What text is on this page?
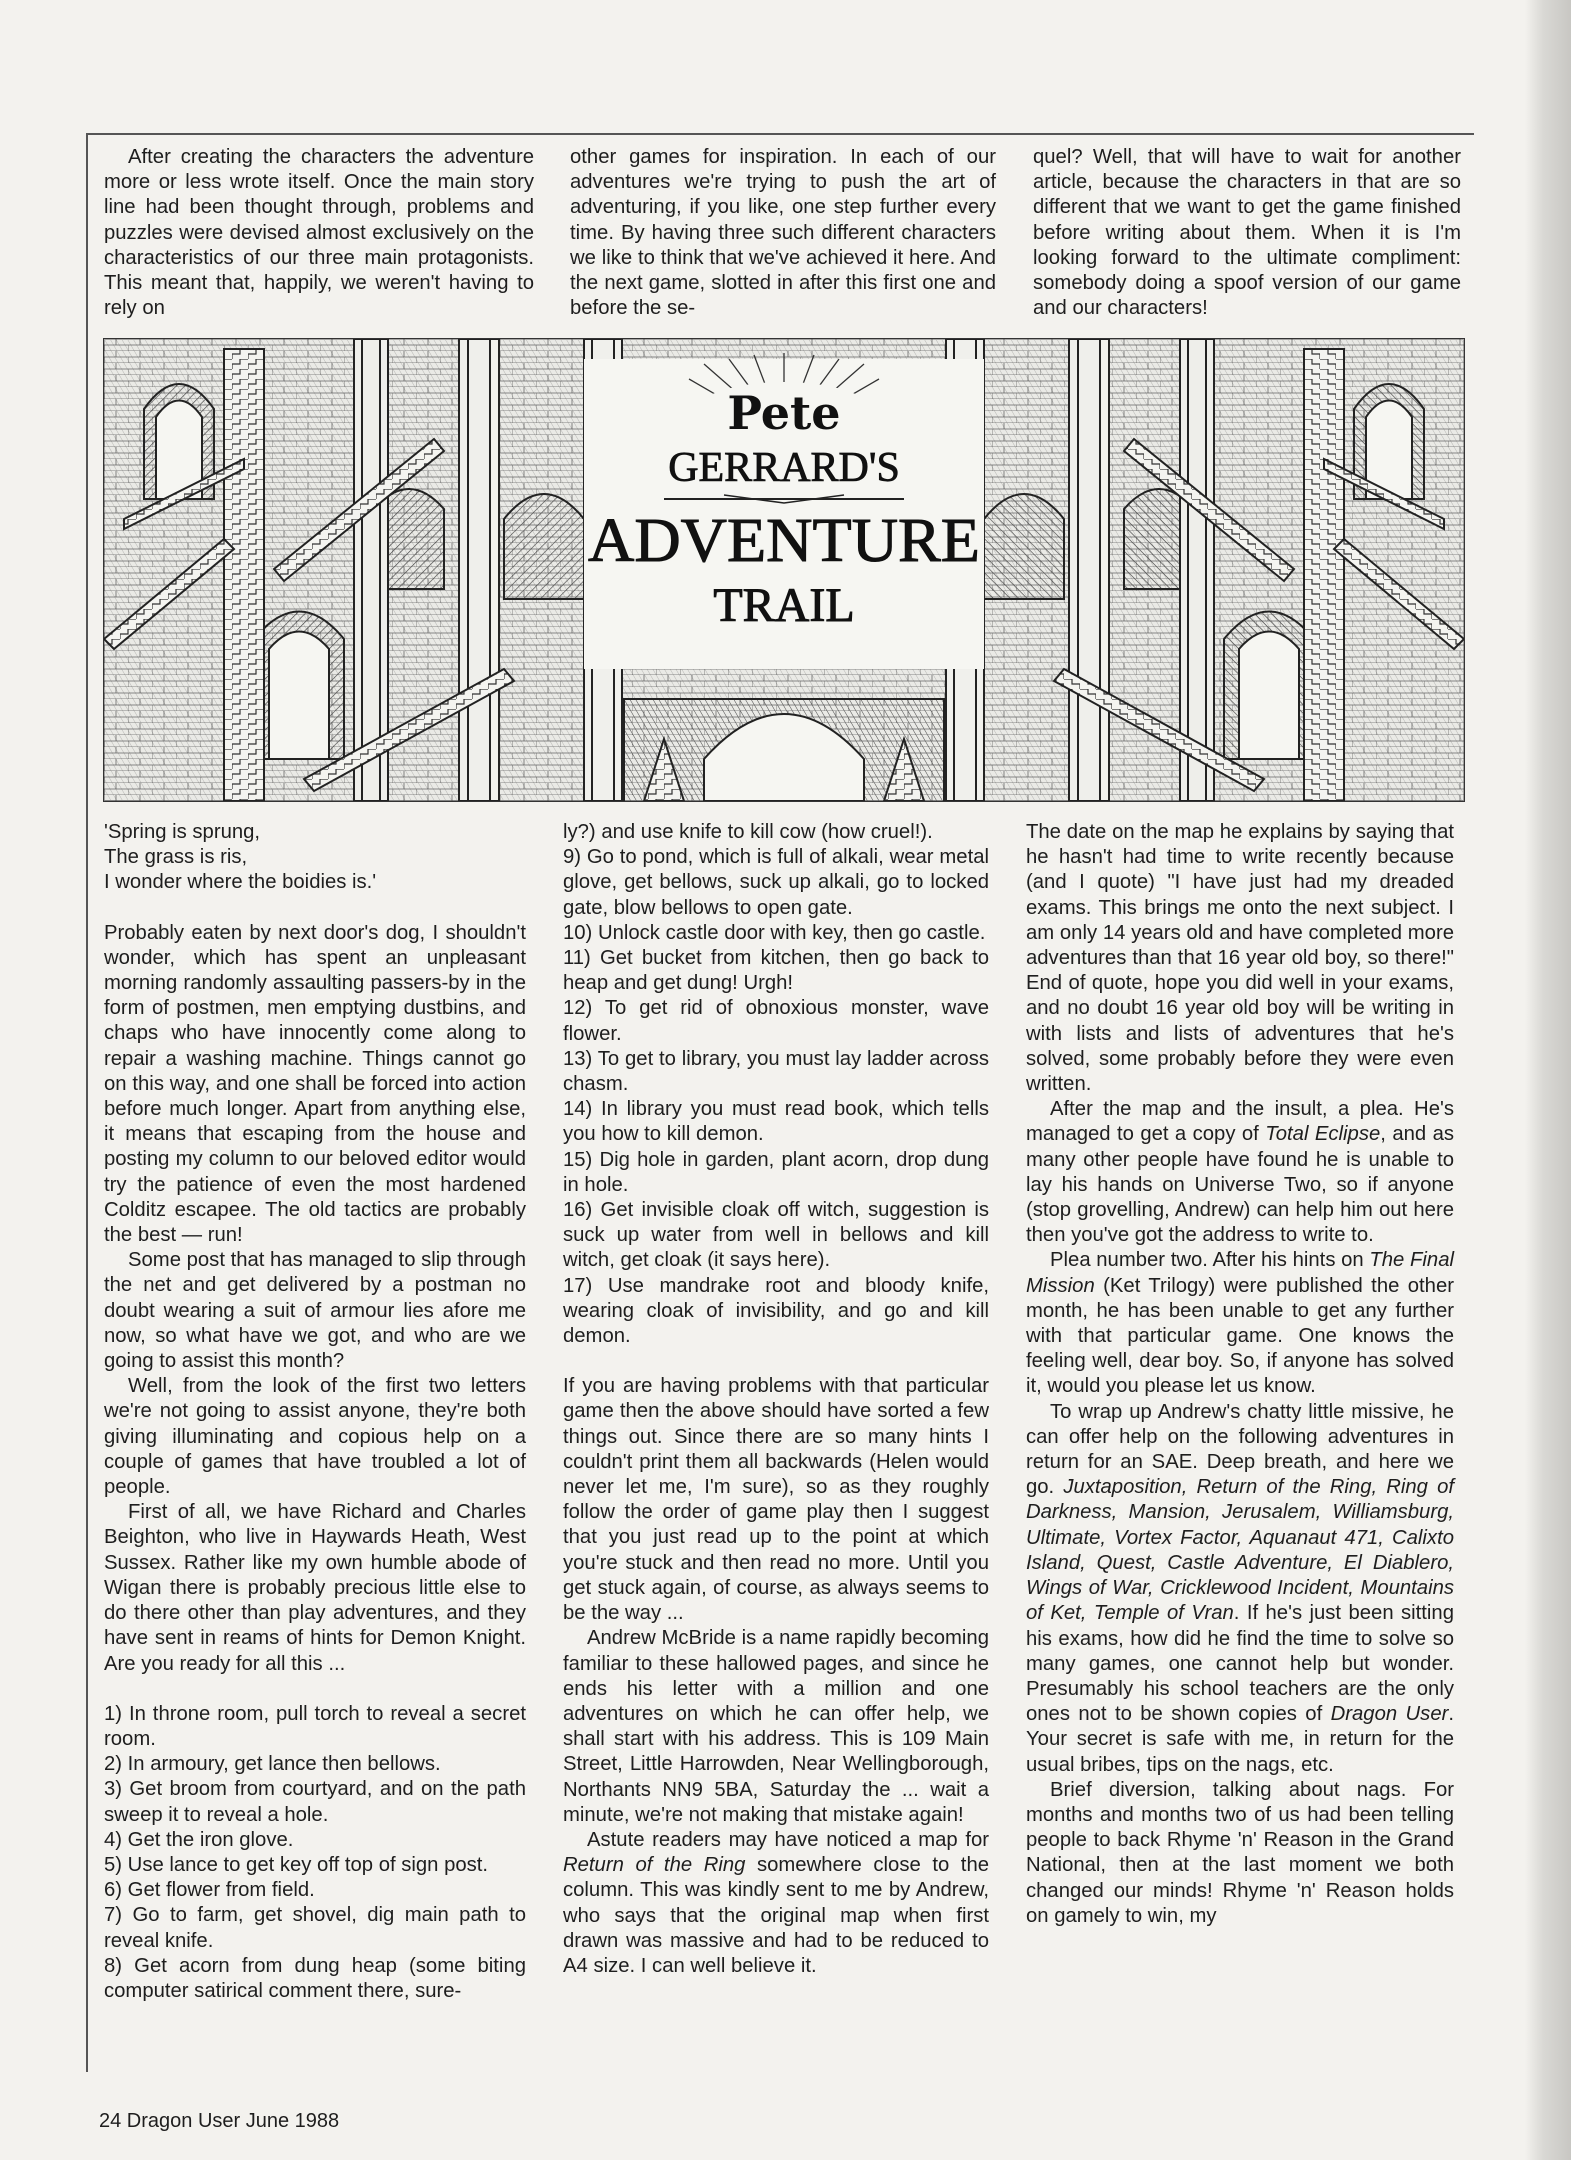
After creating the characters the adventure more or less wrote itself. Once the main story line had been thought through, problems and puzzles were devised almost exclusively on the characteristics of our three main protagonists. This meant that, happily, we weren't having to rely on

other games for inspiration. In each of our adventures we're trying to push the art of adventuring, if you like, one step further every time. By having three such different characters we like to think that we've achieved it here. And the next game, slotted in after this first one and before the se-

quel? Well, that will have to wait for another article, because the characters in that are so different that we want to get the game finished before writing about them. When it is I'm looking forward to the ultimate compliment: somebody doing a spoof version of our game and our characters!

Pete
GERRARD'S
ADVENTURE
TRAIL
'Spring is sprung,
The grass is ris,
I wonder where the boidies is.'

Probably eaten by next door's dog, I shouldn't wonder, which has spent an unpleasant morning randomly assaulting passers-by in the form of postmen, men emptying dustbins, and chaps who have innocently come along to repair a washing machine. Things cannot go on this way, and one shall be forced into action before much longer. Apart from anything else, it means that escaping from the house and posting my column to our beloved editor would try the patience of even the most hardened Colditz escapee. The old tactics are probably the best — run!

Some post that has managed to slip through the net and get delivered by a postman no doubt wearing a suit of armour lies afore me now, so what have we got, and who are we going to assist this month?

Well, from the look of the first two letters we're not going to assist anyone, they're both giving illuminating and copious help on a couple of games that have troubled a lot of people.

First of all, we have Richard and Charles Beighton, who live in Haywards Heath, West Sussex. Rather like my own humble abode of Wigan there is probably precious little else to do there other than play adventures, and they have sent in reams of hints for Demon Knight. Are you ready for all this ...

1) In throne room, pull torch to reveal a secret room.

2) In armoury, get lance then bellows.

3) Get broom from courtyard, and on the path sweep it to reveal a hole.

4) Get the iron glove.

5) Use lance to get key off top of sign post.

6) Get flower from field.

7) Go to farm, get shovel, dig main path to reveal knife.

8) Get acorn from dung heap (some biting computer satirical comment there, sure-

ly?) and use knife to kill cow (how cruel!).

9) Go to pond, which is full of alkali, wear metal glove, get bellows, suck up alkali, go to locked gate, blow bellows to open gate.

10) Unlock castle door with key, then go castle.

11) Get bucket from kitchen, then go back to heap and get dung! Urgh!

12) To get rid of obnoxious monster, wave flower.

13) To get to library, you must lay ladder across chasm.

14) In library you must read book, which tells you how to kill demon.

15) Dig hole in garden, plant acorn, drop dung in hole.

16) Get invisible cloak off witch, suggestion is suck up water from well in bellows and kill witch, get cloak (it says here).

17) Use mandrake root and bloody knife, wearing cloak of invisibility, and go and kill demon.

If you are having problems with that particular game then the above should have sorted a few things out. Since there are so many hints I couldn't print them all backwards (Helen would never let me, I'm sure), so as they roughly follow the order of game play then I suggest that you just read up to the point at which you're stuck and then read no more. Until you get stuck again, of course, as always seems to be the way ...

Andrew McBride is a name rapidly becoming familiar to these hallowed pages, and since he ends his letter with a million and one adventures on which he can offer help, we shall start with his address. This is 109 Main Street, Little Harrowden, Near Wellingborough, Northants NN9 5BA, Saturday the ... wait a minute, we're not making that mistake again!

Astute readers may have noticed a map for Return of the Ring somewhere close to the column. This was kindly sent to me by Andrew, who says that the original map when first drawn was massive and had to be reduced to A4 size. I can well believe it.

The date on the map he explains by saying that he hasn't had time to write recently because (and I quote) "I have just had my dreaded exams. This brings me onto the next subject. I am only 14 years old and have completed more adventures than that 16 year old boy, so there!" End of quote, hope you did well in your exams, and no doubt 16 year old boy will be writing in with lists and lists of adventures that he's solved, some probably before they were even written.

After the map and the insult, a plea. He's managed to get a copy of Total Eclipse, and as many other people have found he is unable to lay his hands on Universe Two, so if anyone (stop grovelling, Andrew) can help him out here then you've got the address to write to.

Plea number two. After his hints on The Final Mission (Ket Trilogy) were published the other month, he has been unable to get any further with that particular game. One knows the feeling well, dear boy. So, if anyone has solved it, would you please let us know.

To wrap up Andrew's chatty little missive, he can offer help on the following adventures in return for an SAE. Deep breath, and here we go. Juxtaposition, Return of the Ring, Ring of Darkness, Mansion, Jerusalem, Williamsburg, Ultimate, Vortex Factor, Aquanaut 471, Calixto Island, Quest, Castle Adventure, El Diablero, Wings of War, Cricklewood Incident, Mountains of Ket, Temple of Vran. If he's just been sitting his exams, how did he find the time to solve so many games, one cannot help but wonder. Presumably his school teachers are the only ones not to be shown copies of Dragon User. Your secret is safe with me, in return for the usual bribes, tips on the nags, etc.

Brief diversion, talking about nags. For months and months two of us had been telling people to back Rhyme 'n' Reason in the Grand National, then at the last moment we both changed our minds! Rhyme 'n' Reason holds on gamely to win, my

24 Dragon User June 1988
